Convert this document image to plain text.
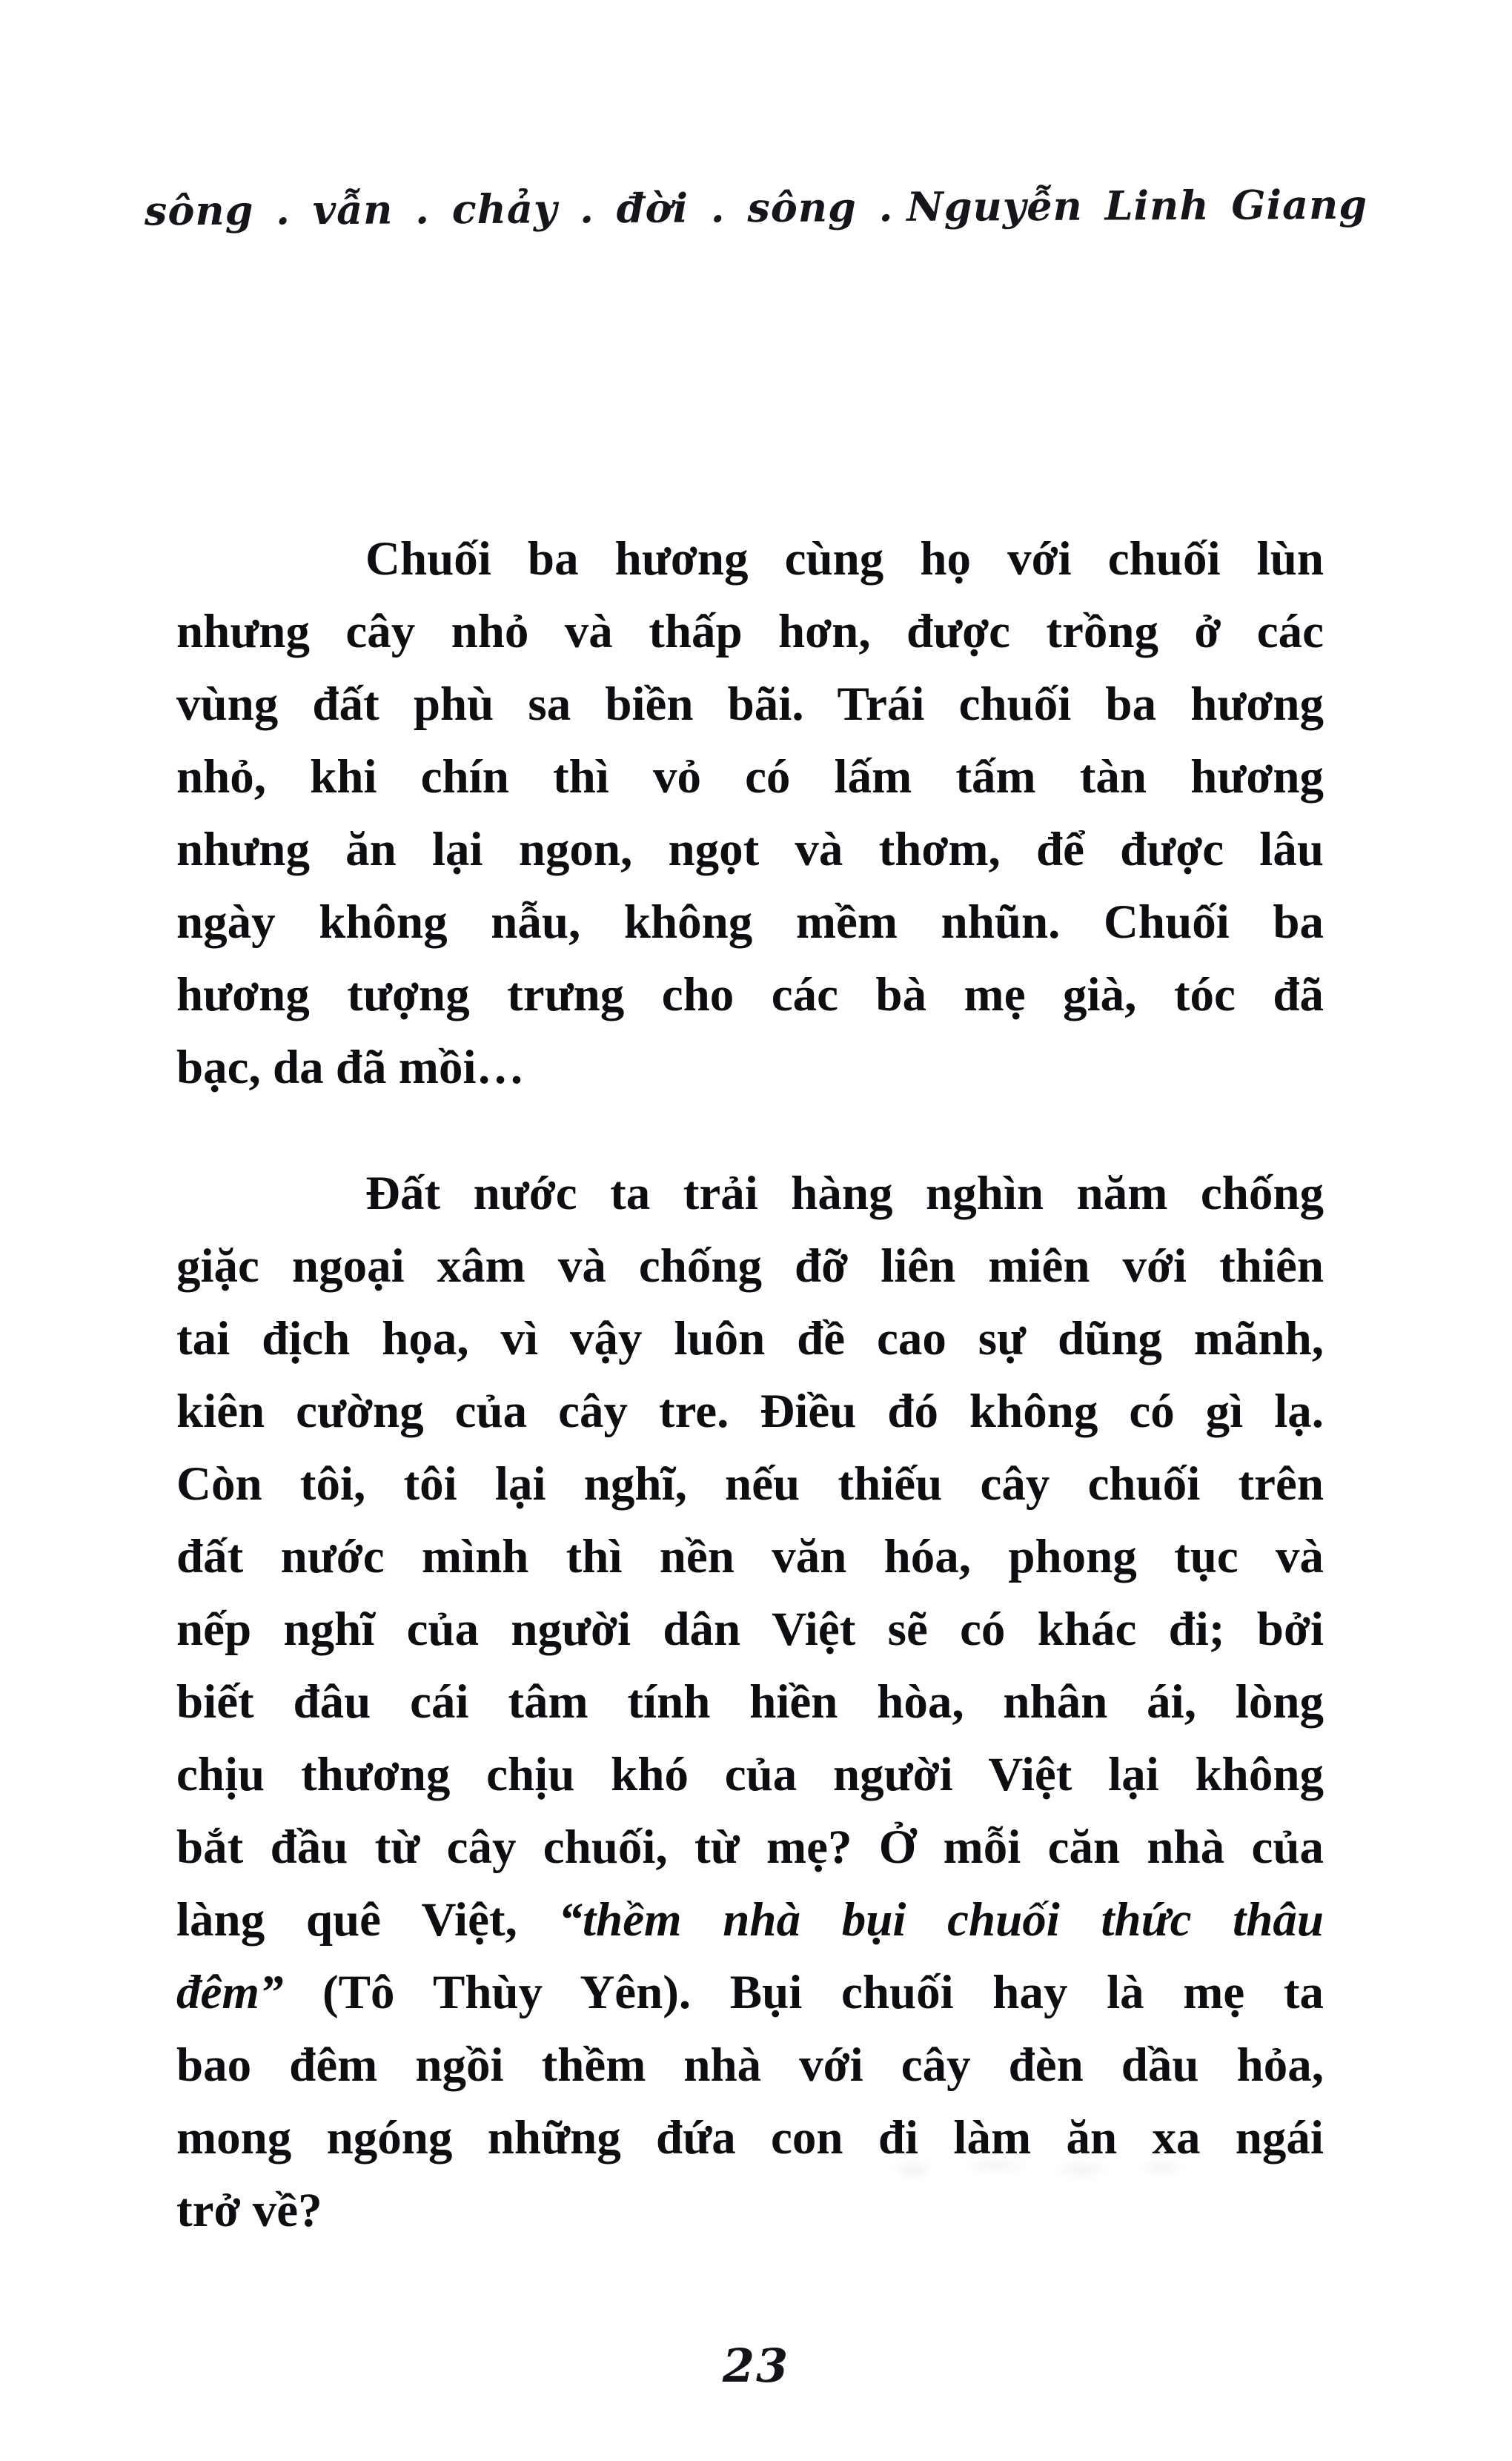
sông . vẫn . chảy . đời . sông . Nguyễn Linh Giang
Chuối ba hương cùng họ với chuối lùn
nhưng cây nhỏ và thấp hơn, được trồng ở các
vùng đất phù sa biền bãi. Trái chuối ba hương
nhỏ, khi chín thì vỏ có lấm tấm tàn hương
nhưng ăn lại ngon, ngọt và thơm, để được lâu
ngày không nẫu, không mềm nhũn. Chuối ba
hương tượng trưng cho các bà mẹ già, tóc đã
bạc, da đã mồi…
Đất nước ta trải hàng nghìn năm chống
giặc ngoại xâm và chống đỡ liên miên với thiên
tai địch họa, vì vậy luôn đề cao sự dũng mãnh,
kiên cường của cây tre. Điều đó không có gì lạ.
Còn tôi, tôi lại nghĩ, nếu thiếu cây chuối trên
đất nước mình thì nền văn hóa, phong tục và
nếp nghĩ của người dân Việt sẽ có khác đi; bởi
biết đâu cái tâm tính hiền hòa, nhân ái, lòng
chịu thương chịu khó của người Việt lại không
bắt đầu từ cây chuối, từ mẹ? Ở mỗi căn nhà của
làng quê Việt, “thềm nhà bụi chuối thức thâu
đêm” (Tô Thùy Yên). Bụi chuối hay là mẹ ta
bao đêm ngồi thềm nhà với cây đèn dầu hỏa,
mong ngóng những đứa con đi làm ăn xa ngái
trở về?
23
